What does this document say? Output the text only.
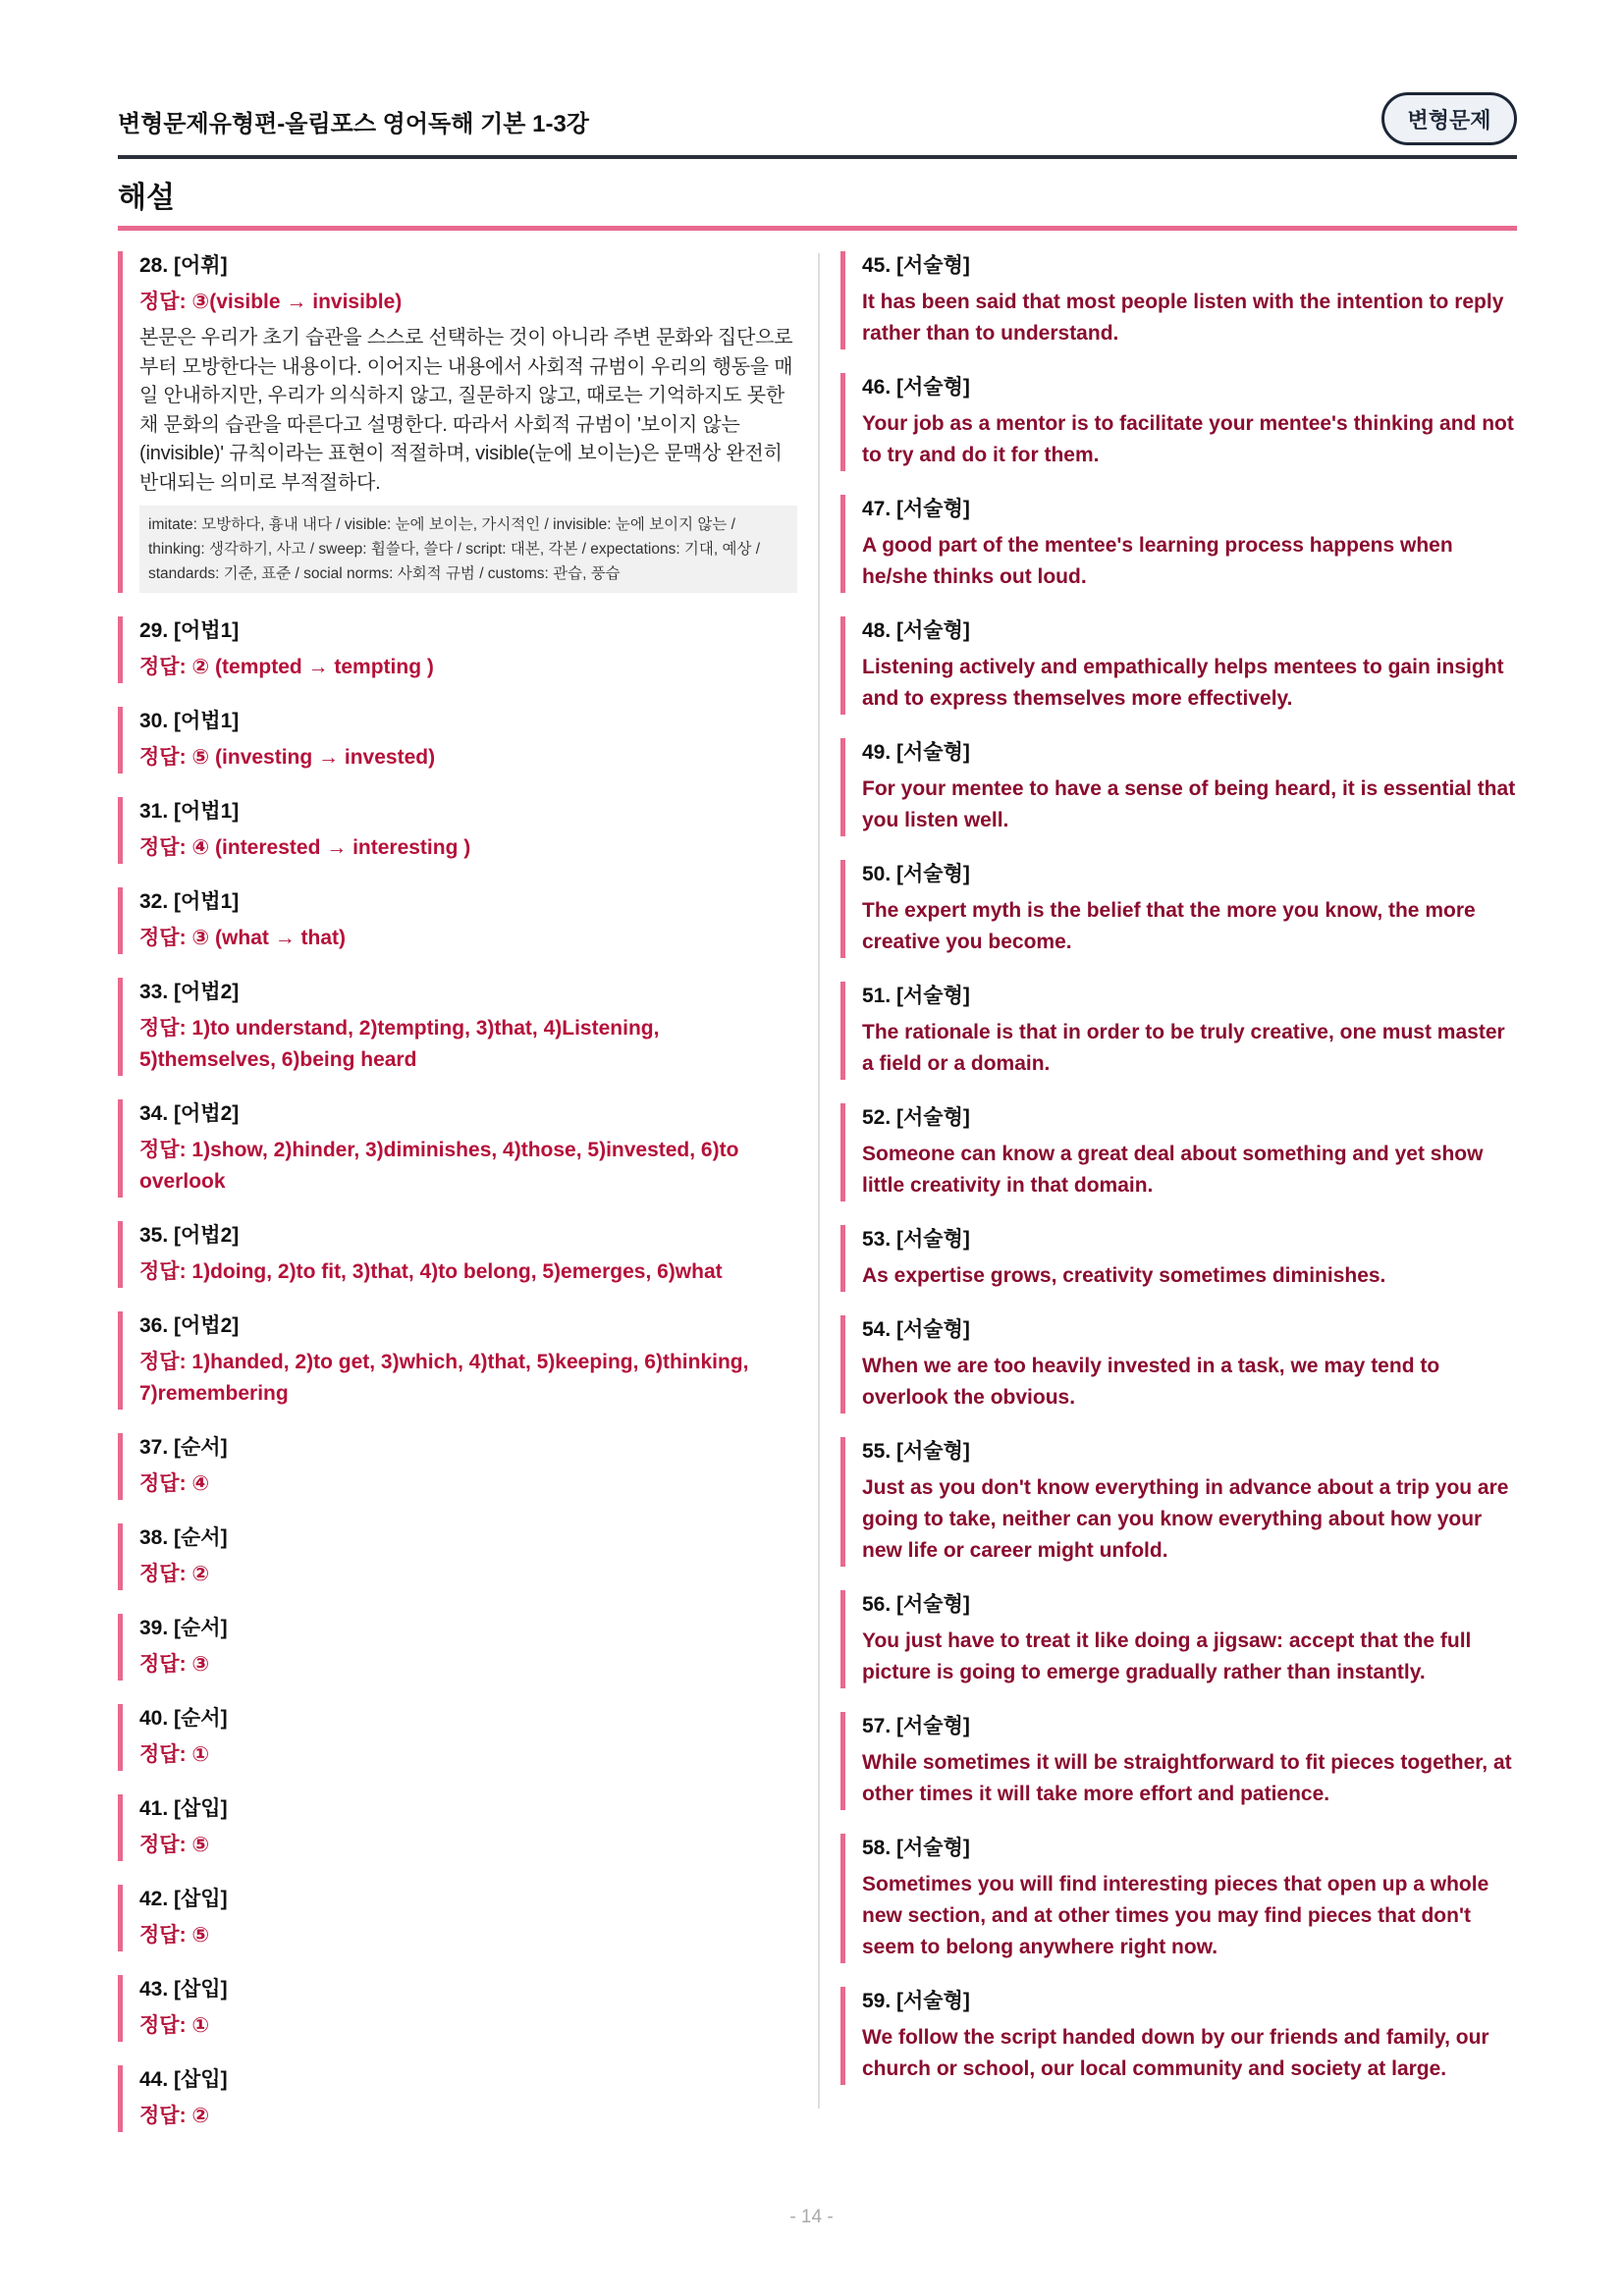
변형문제유형편-올림포스 영어독해 기본 1-3강	변형문제
해설
28. [어휘]
정답: ③(visible → invisible)
본문은 우리가 초기 습관을 스스로 선택하는 것이 아니라 주변 문화와 집단으로부터 모방한다는 내용이다. 이어지는 내용에서 사회적 규범이 우리의 행동을 매일 안내하지만, 우리가 의식하지 않고, 질문하지 않고, 때로는 기억하지도 못한 채 문화의 습관을 따른다고 설명한다. 따라서 사회적 규범이 '보이지 않는(invisible)' 규칙이라는 표현이 적절하며, visible(눈에 보이는)은 문맥상 완전히 반대되는 의미로 부적절하다.
imitate: 모방하다, 흉내 내다 / visible: 눈에 보이는, 가시적인 / invisible: 눈에 보이지 않는 / thinking: 생각하기, 사고 / sweep: 휩쓸다, 쓸다 / script: 대본, 각본 / expectations: 기대, 예상 / standards: 기준, 표준 / social norms: 사회적 규범 / customs: 관습, 풍습
29. [어법1]
정답: ② (tempted → tempting )
30. [어법1]
정답: ⑤ (investing → invested)
31. [어법1]
정답: ④ (interested → interesting )
32. [어법1]
정답: ③ (what → that)
33. [어법2]
정답: 1)to understand, 2)tempting, 3)that, 4)Listening, 5)themselves, 6)being heard
34. [어법2]
정답: 1)show, 2)hinder, 3)diminishes, 4)those, 5)invested, 6)to overlook
35. [어법2]
정답: 1)doing, 2)to fit, 3)that, 4)to belong, 5)emerges, 6)what
36. [어법2]
정답: 1)handed, 2)to get, 3)which, 4)that, 5)keeping, 6)thinking, 7)remembering
37. [순서]
정답: ④
38. [순서]
정답: ②
39. [순서]
정답: ③
40. [순서]
정답: ①
41. [삽입]
정답: ⑤
42. [삽입]
정답: ⑤
43. [삽입]
정답: ①
44. [삽입]
정답: ②
45. [서술형]
It has been said that most people listen with the intention to reply rather than to understand.
46. [서술형]
Your job as a mentor is to facilitate your mentee's thinking and not to try and do it for them.
47. [서술형]
A good part of the mentee's learning process happens when he/she thinks out loud.
48. [서술형]
Listening actively and empathically helps mentees to gain insight and to express themselves more effectively.
49. [서술형]
For your mentee to have a sense of being heard, it is essential that you listen well.
50. [서술형]
The expert myth is the belief that the more you know, the more creative you become.
51. [서술형]
The rationale is that in order to be truly creative, one must master a field or a domain.
52. [서술형]
Someone can know a great deal about something and yet show little creativity in that domain.
53. [서술형]
As expertise grows, creativity sometimes diminishes.
54. [서술형]
When we are too heavily invested in a task, we may tend to overlook the obvious.
55. [서술형]
Just as you don't know everything in advance about a trip you are going to take, neither can you know everything about how your new life or career might unfold.
56. [서술형]
You just have to treat it like doing a jigsaw: accept that the full picture is going to emerge gradually rather than instantly.
57. [서술형]
While sometimes it will be straightforward to fit pieces together, at other times it will take more effort and patience.
58. [서술형]
Sometimes you will find interesting pieces that open up a whole new section, and at other times you may find pieces that don't seem to belong anywhere right now.
59. [서술형]
We follow the script handed down by our friends and family, our church or school, our local community and society at large.
- 14 -
